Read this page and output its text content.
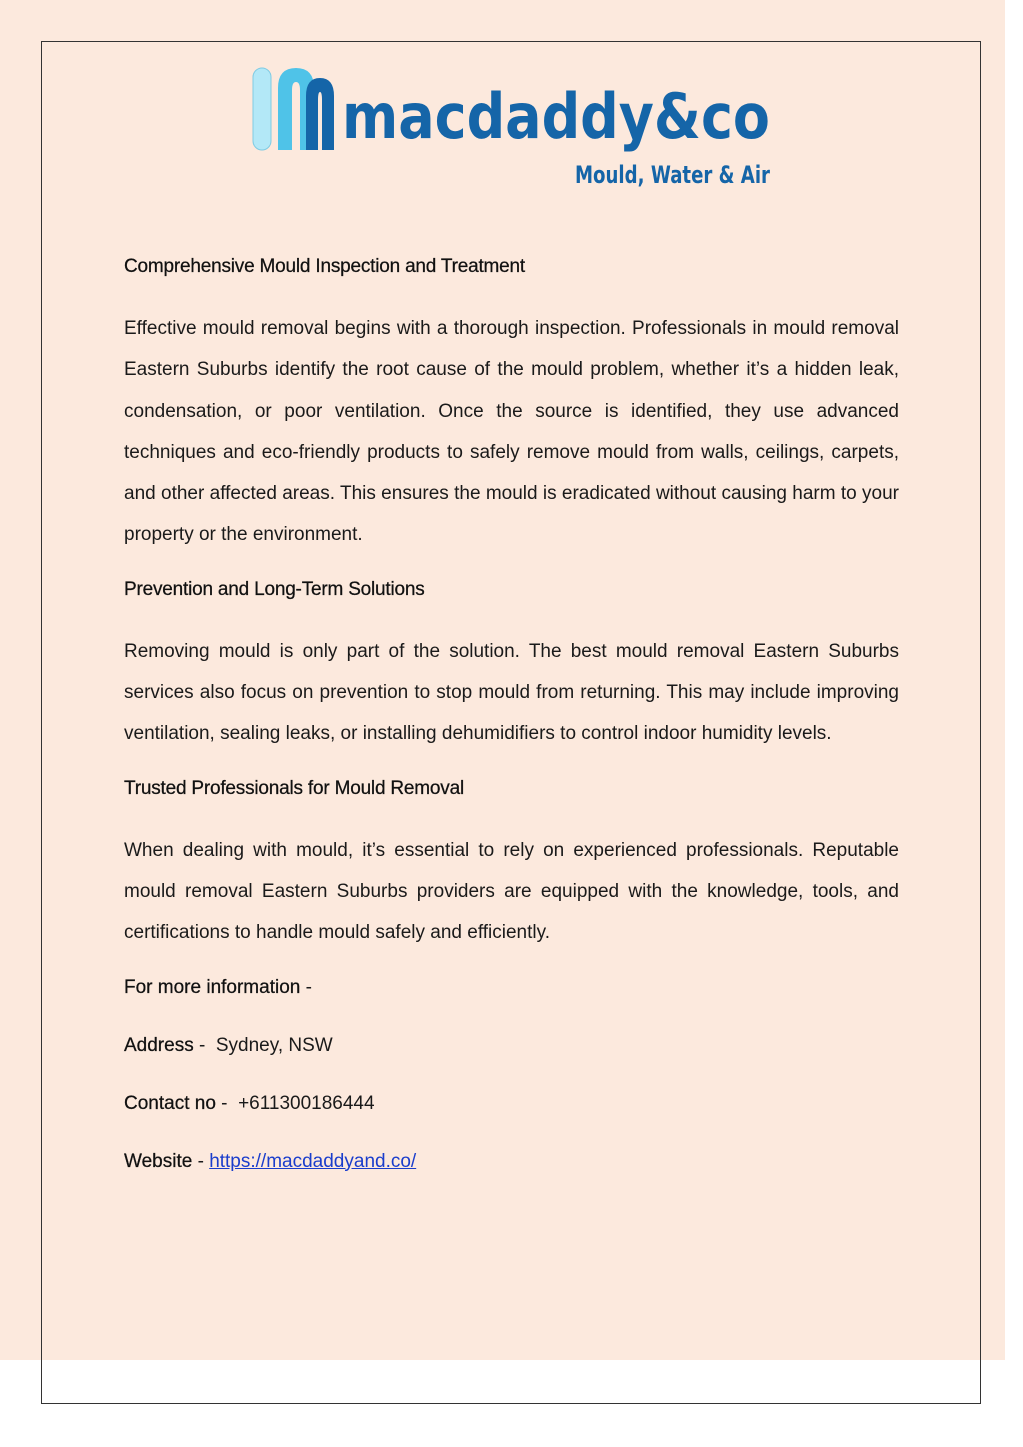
macdaddy&co
Mould, Water & Air
Comprehensive Mould Inspection and Treatment

Effective mould removal begins with a thorough inspection. Professionals in mould removal Eastern Suburbs identify the root cause of the mould problem, whether it’s a hidden leak, condensation, or poor ventilation. Once the source is identified, they use advanced techniques and eco-friendly products to safely remove mould from walls, ceilings, carpets, and other affected areas. This ensures the mould is eradicated without causing harm to your property or the environment.

Prevention and Long-Term Solutions

Removing mould is only part of the solution. The best mould removal Eastern Suburbs services also focus on prevention to stop mould from returning. This may include improving ventilation, sealing leaks, or installing dehumidifiers to control indoor humidity levels.

Trusted Professionals for Mould Removal

When dealing with mould, it’s essential to rely on experienced professionals. Reputable mould removal Eastern Suburbs providers are equipped with the knowledge, tools, and certifications to handle mould safely and efficiently.

For more information -

Address -  Sydney, NSW

Contact no -  +611300186444

Website - https://macdaddyand.co/
